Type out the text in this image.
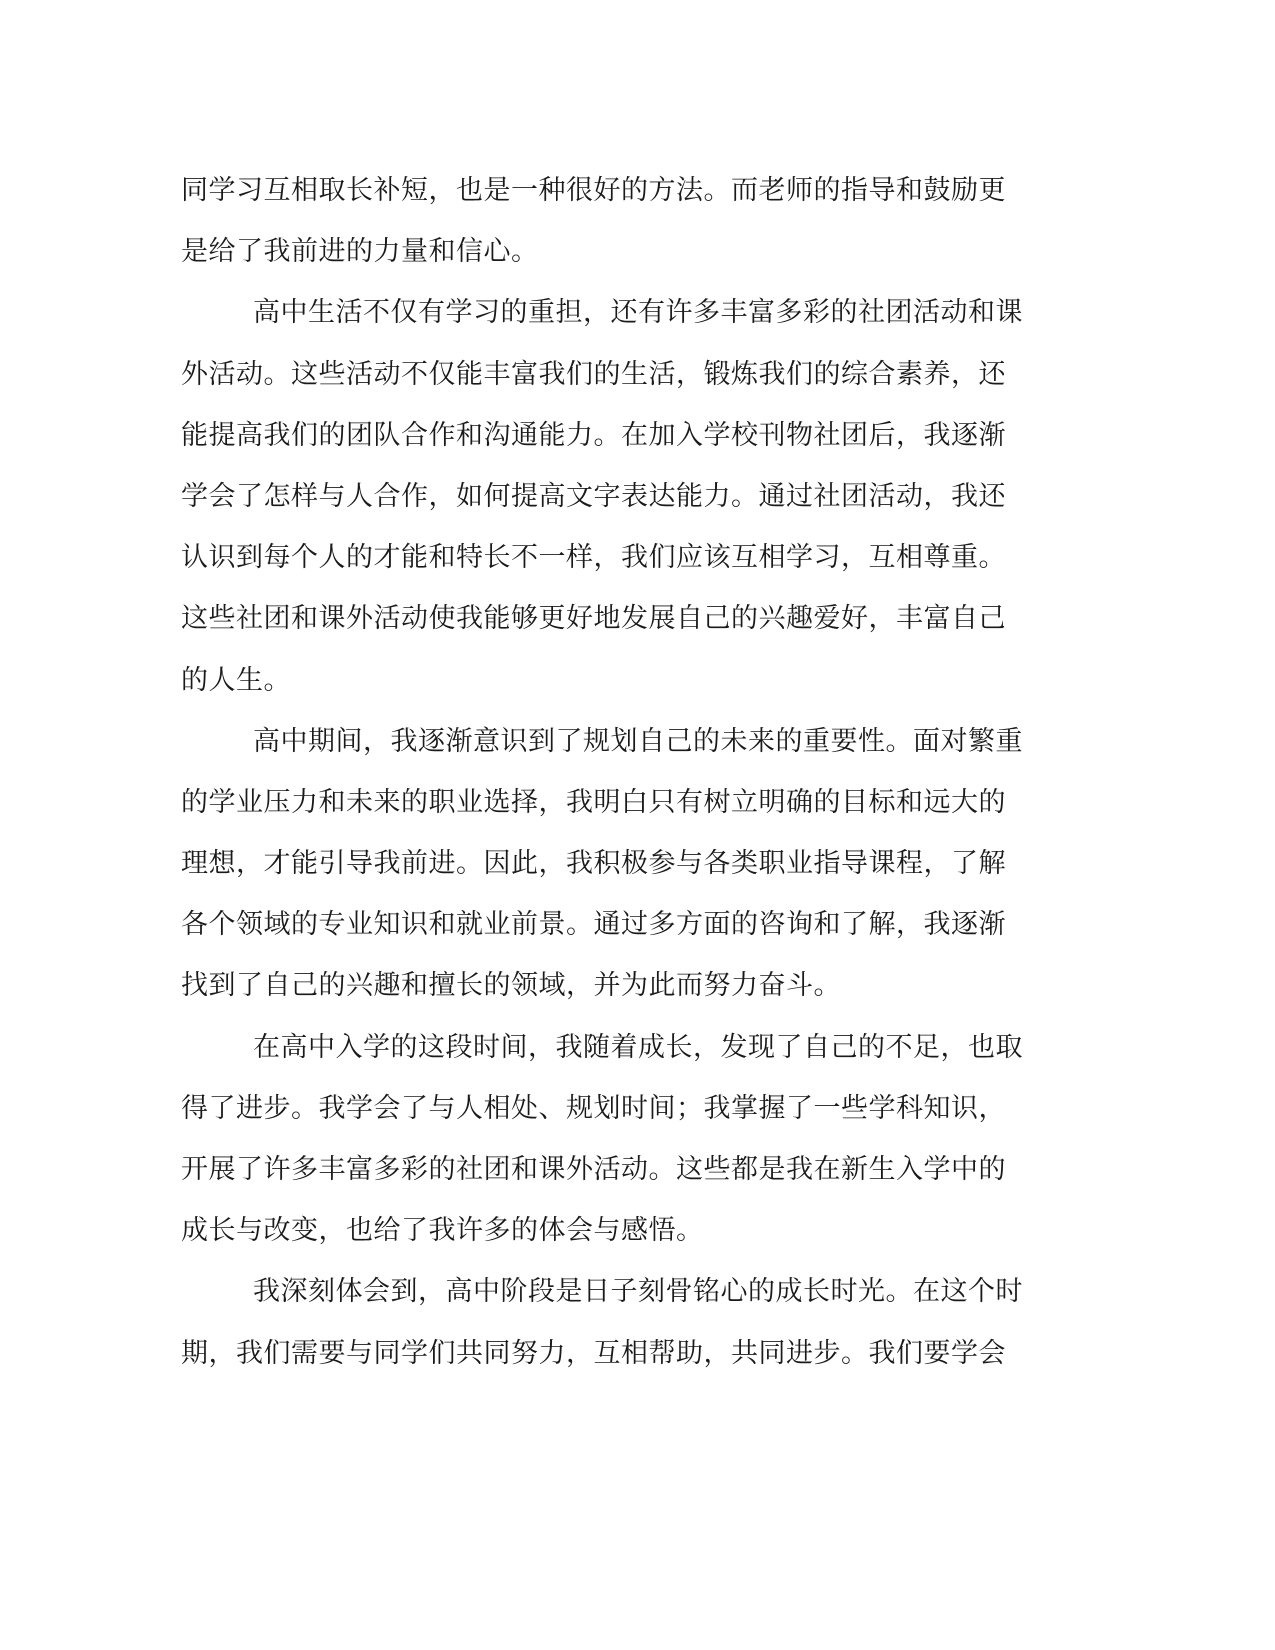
同学习互相取长补短，也是一种很好的方法。而老师的指导和鼓励更
是给了我前进的力量和信心。
高中生活不仅有学习的重担，还有许多丰富多彩的社团活动和课
外活动。这些活动不仅能丰富我们的生活，锻炼我们的综合素养，还
能提高我们的团队合作和沟通能力。在加入学校刊物社团后，我逐渐
学会了怎样与人合作，如何提高文字表达能力。通过社团活动，我还
认识到每个人的才能和特长不一样，我们应该互相学习，互相尊重。
这些社团和课外活动使我能够更好地发展自己的兴趣爱好，丰富自己
的人生。
高中期间，我逐渐意识到了规划自己的未来的重要性。面对繁重
的学业压力和未来的职业选择，我明白只有树立明确的目标和远大的
理想，才能引导我前进。因此，我积极参与各类职业指导课程，了解
各个领域的专业知识和就业前景。通过多方面的咨询和了解，我逐渐
找到了自己的兴趣和擅长的领域，并为此而努力奋斗。
在高中入学的这段时间，我随着成长，发现了自己的不足，也取
得了进步。我学会了与人相处、规划时间；我掌握了一些学科知识，
开展了许多丰富多彩的社团和课外活动。这些都是我在新生入学中的
成长与改变，也给了我许多的体会与感悟。
我深刻体会到，高中阶段是日子刻骨铭心的成长时光。在这个时
期，我们需要与同学们共同努力，互相帮助，共同进步。我们要学会
